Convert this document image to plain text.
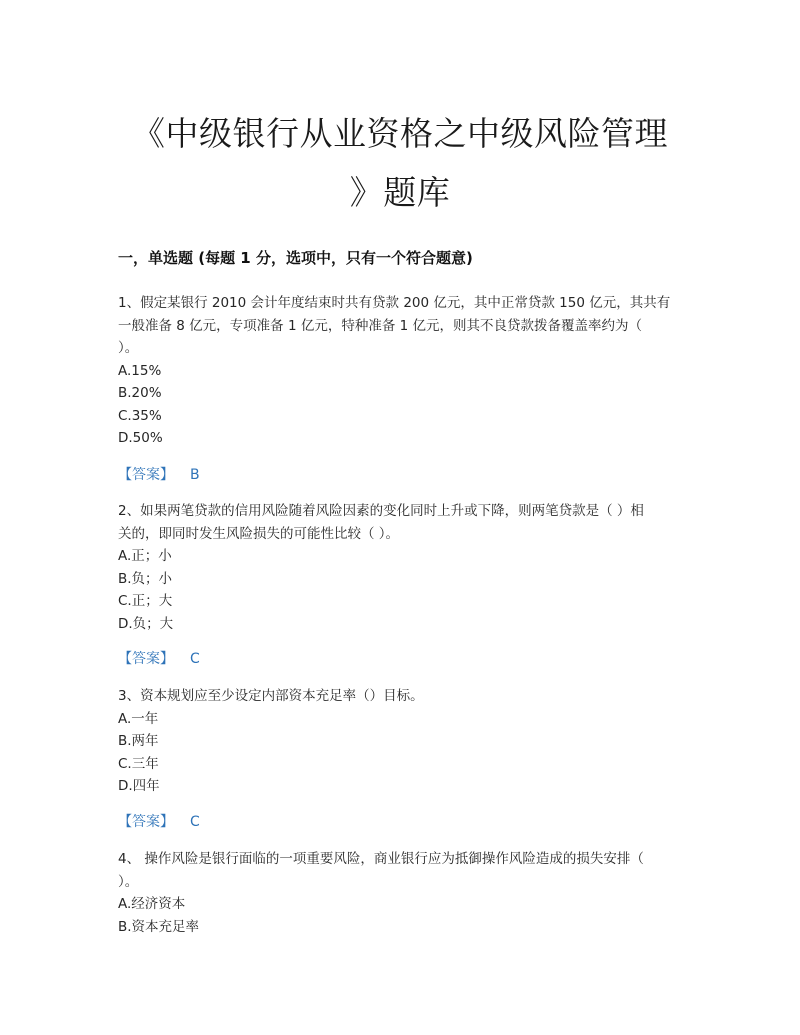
《中级银行从业资格之中级风险管理
》题库
一，单选题 (每题 1 分，选项中，只有一个符合题意)

1、假定某银行 2010 会计年度结束时共有贷款 200 亿元，其中正常贷款 150 亿元，其共有

一般准备 8 亿元，专项准备 1 亿元，特种准备 1 亿元，则其不良贷款拨备覆盖率约为（

）。

A.15%

B.20%

C.35%

D.50%

【答案】 B

2、如果两笔贷款的信用风险随着风险因素的变化同时上升或下降，则两笔贷款是（ ）相

关的，即同时发生风险损失的可能性比较（ ）。

A.正；小

B.负；小

C.正；大

D.负；大

【答案】 C

3、资本规划应至少设定内部资本充足率（）目标。

A.一年

B.两年

C.三年

D.四年

【答案】 C

4、 操作风险是银行面临的一项重要风险，商业银行应为抵御操作风险造成的损失安排（

）。

A.经济资本

B.资本充足率
